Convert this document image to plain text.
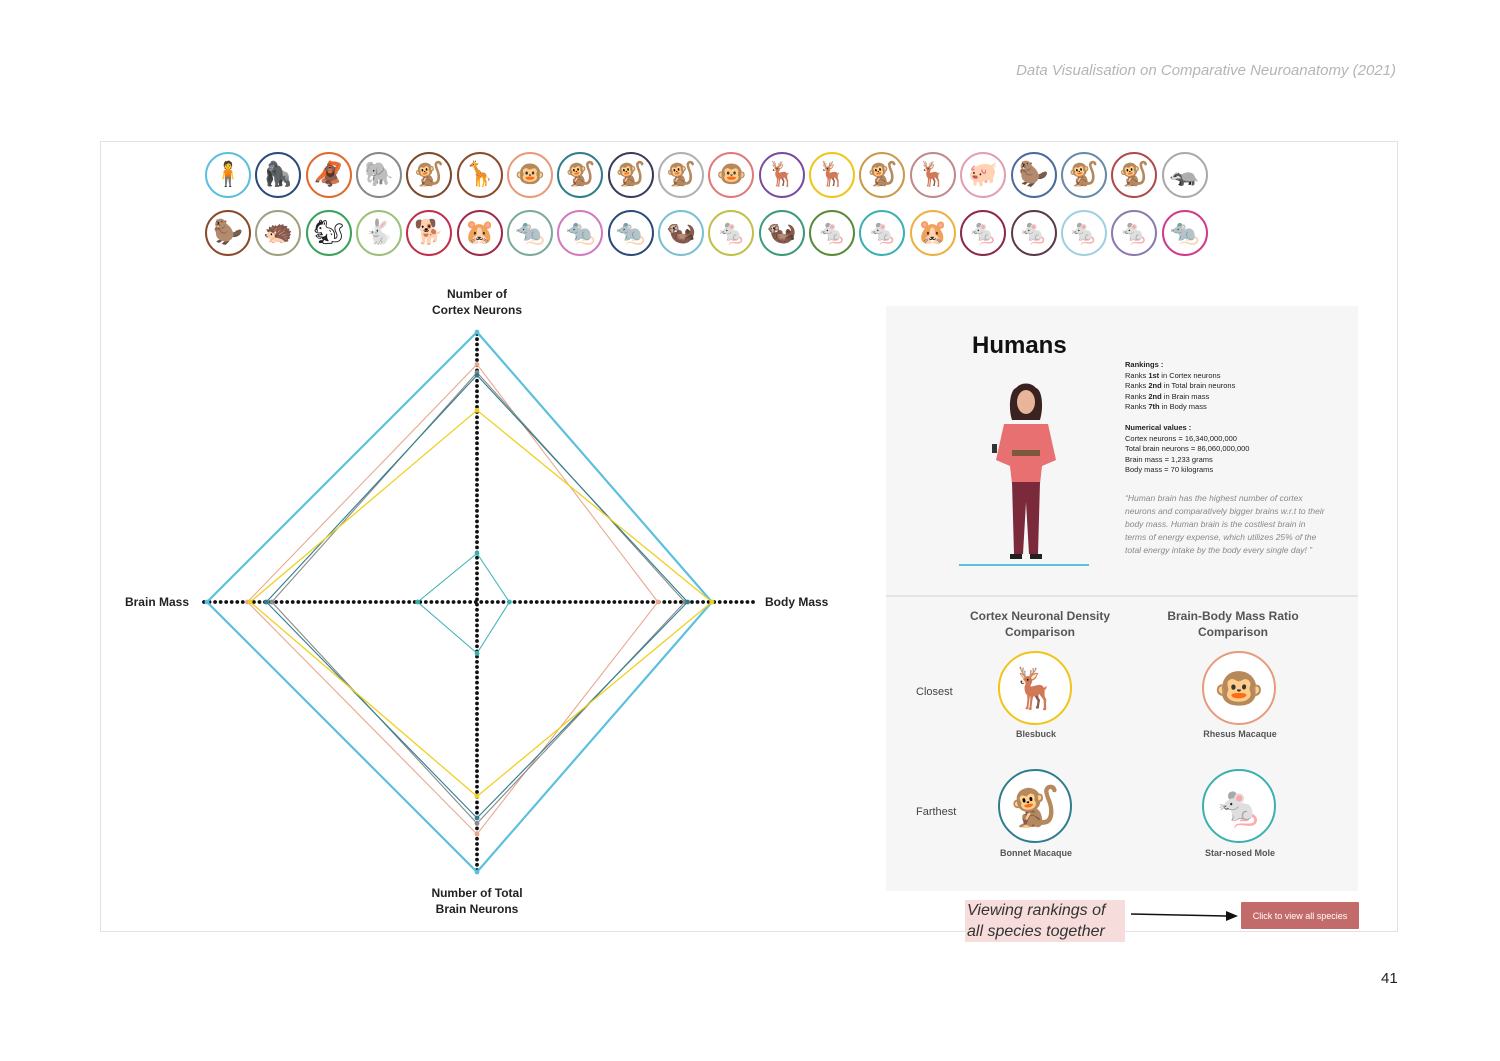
Data Visualisation on Comparative Neuroanatomy (2021)
🧍 🦍 🦧 🐘 🐒 🦒 🐵 🐒 🐒 🐒 🐵 🦌 🦌 🐒 🦌 🐖 🦫 🐒 🐒 🦡
🦫 🦔 🐿 🐇 🐕 🐹 🐀 🐀 🐀 🦦 🐁 🦦 🐁 🐁 🐹 🐁 🐁 🐁 🐁 🐀
Number of
Cortex Neurons
Body Mass
Number of Total
Brain Neurons
Brain Mass
Humans
Rankings :
Ranks 1st in Cortex neurons
Ranks 2nd in Total brain neurons
Ranks 2nd in Brain mass
Ranks 7th in Body mass
Numerical values :
Cortex neurons = 16,340,000,000
Total brain neurons = 86,060,000,000
Brain mass = 1,233 grams
Body mass = 70 kilograms
“Human brain has the highest number of cortex neurons and comparatively bigger brains w.r.t to their body mass. Human brain is the costliest brain in terms of energy expense, which utilizes 25% of the total energy intake by the body every single day! ”
Cortex Neuronal Density
Comparison
Brain-Body Mass Ratio
Comparison
Closest
Farthest
🦌
Blesbuck
🐵
Rhesus Macaque
🐒
Bonnet Macaque
🐁
Star-nosed Mole
Viewing rankings of all species together
Click to view all species
41
